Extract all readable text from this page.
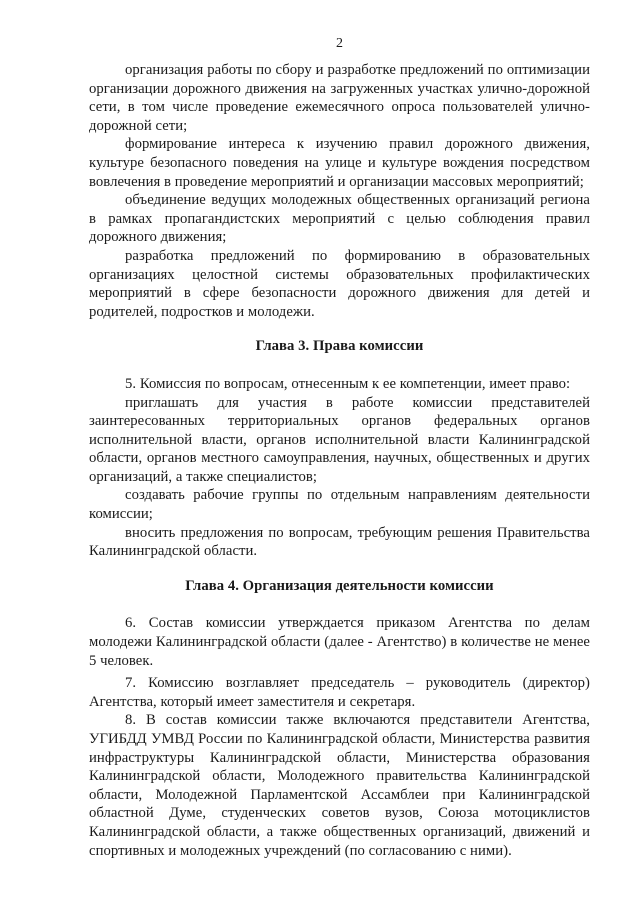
2

организация работы по сбору и разработке предложений по оптимизации организации дорожного движения на загруженных участках улично-дорожной сети, в том числе проведение ежемесячного опроса пользователей улично-дорожной сети;

формирование интереса к изучению правил дорожного движения, культуре безопасного поведения на улице и культуре вождения посредством вовлечения в проведение мероприятий и организации массовых мероприятий;

объединение ведущих молодежных общественных организаций региона в рамках пропагандистских мероприятий с целью соблюдения правил дорожного движения;

разработка предложений по формированию в образовательных организациях целостной системы образовательных профилактических мероприятий в сфере безопасности дорожного движения для детей и родителей, подростков и молодежи.

Глава 3. Права комиссии

5. Комиссия по вопросам, отнесенным к ее компетенции, имеет право:

приглашать для участия в работе комиссии представителей заинтересованных территориальных органов федеральных органов исполнительной власти, органов исполнительной власти Калининградской области, органов местного самоуправления, научных, общественных и других организаций, а также специалистов;

создавать рабочие группы по отдельным направлениям деятельности комиссии;

вносить предложения по вопросам, требующим решения Правительства Калининградской области.

Глава 4. Организация деятельности комиссии

6. Состав комиссии утверждается приказом Агентства по делам молодежи Калининградской области (далее - Агентство) в количестве не менее 5 человек.

7. Комиссию возглавляет председатель – руководитель (директор) Агентства, который имеет заместителя и секретаря.

8. В состав комиссии также включаются представители Агентства, УГИБДД УМВД России по Калининградской области, Министерства развития инфраструктуры Калининградской области, Министерства образования Калининградской области, Молодежного правительства Калининградской области, Молодежной Парламентской Ассамблеи при Калининградской областной Думе, студенческих советов вузов, Союза мотоциклистов Калининградской области, а также общественных организаций, движений и спортивных и молодежных учреждений (по согласованию с ними).
